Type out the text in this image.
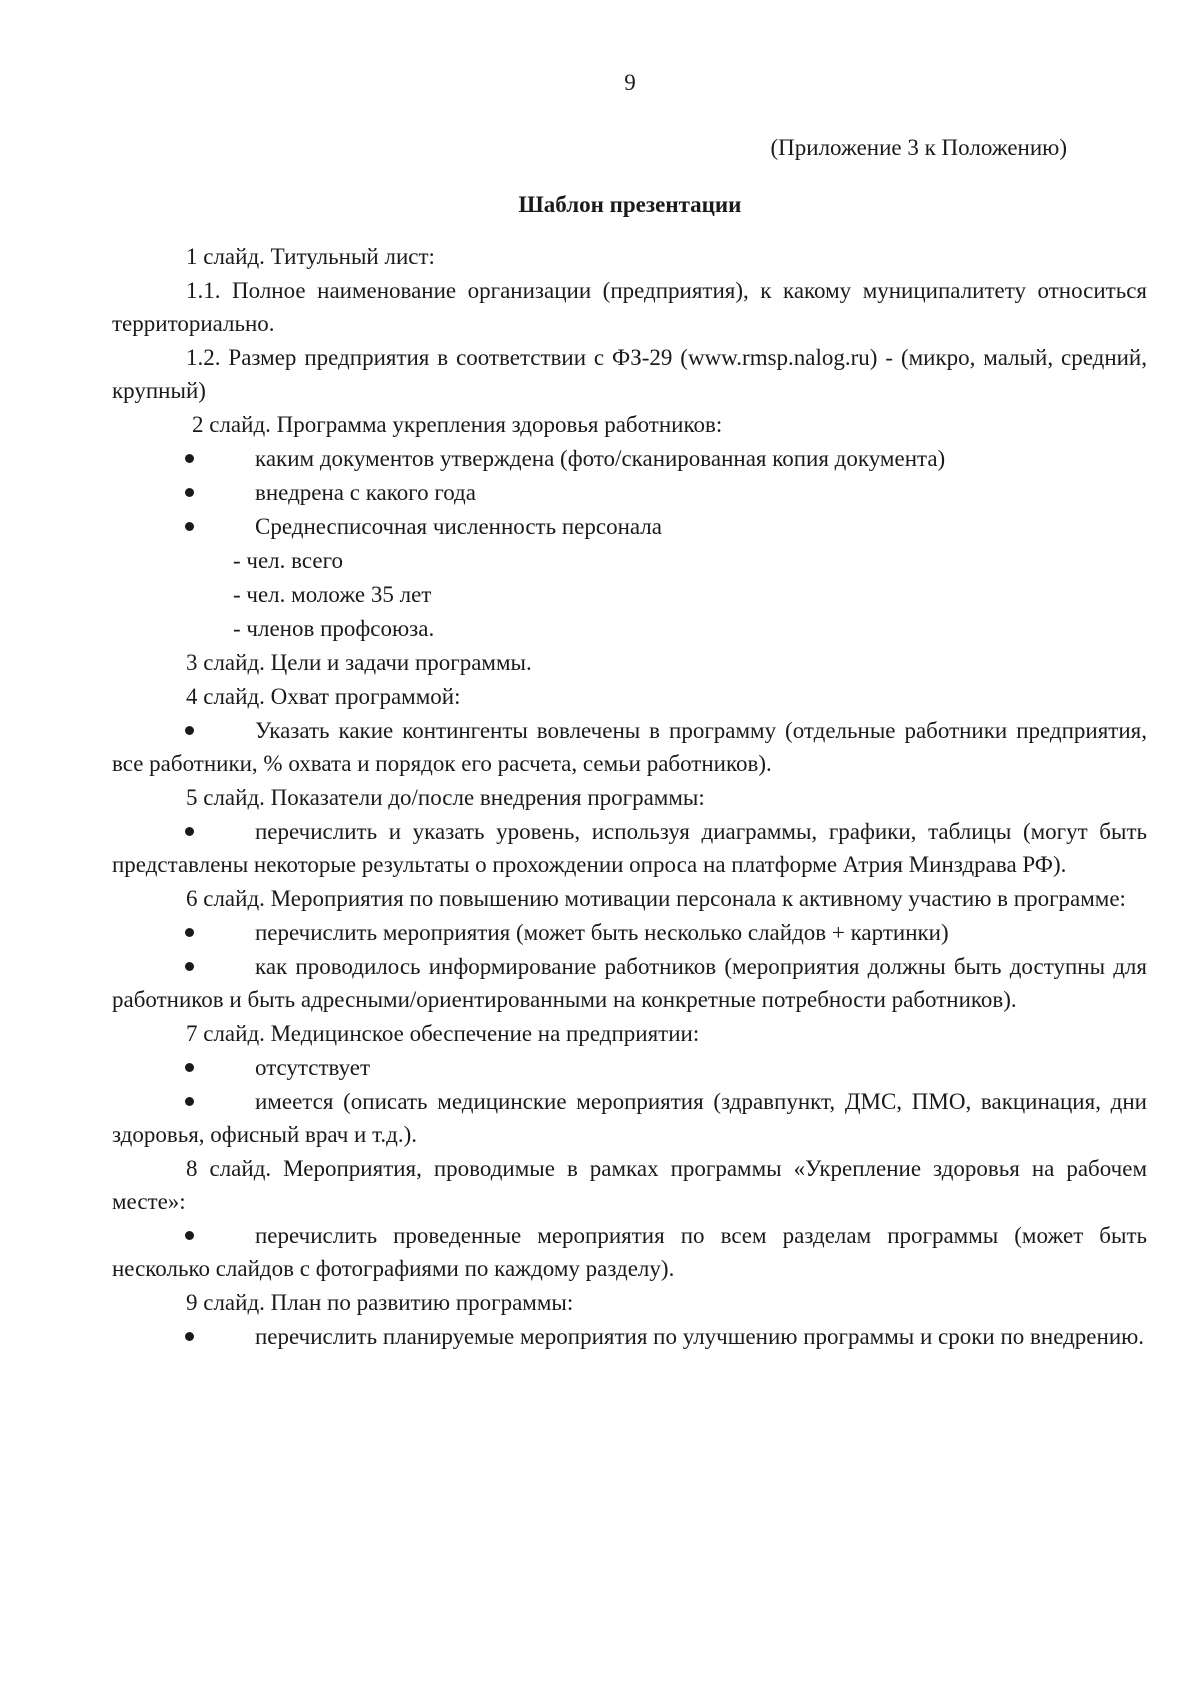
9
(Приложение 3 к Положению)
Шаблон презентации

1 слайд. Титульный лист:

1.1. Полное наименование организации (предприятия), к какому муниципалитету относиться территориально.

1.2. Размер предприятия в соответствии с ФЗ-29 (www.rmsp.nalog.ru) - (микро, малый, средний, крупный)

2 слайд. Программа укрепления здоровья работников:

каким документов утверждена (фото/сканированная копия документа)
внедрена с какого года
Среднесписочная численность персонала

- чел. всего

- чел. моложе 35 лет

- членов профсоюза.

3 слайд. Цели и задачи программы.

4 слайд. Охват программой:

Указать какие контингенты вовлечены в программу (отдельные работники предприятия, все работники, % охвата и порядок его расчета, семьи работников).

5 слайд. Показатели до/после внедрения программы:

перечислить и указать уровень, используя диаграммы, графики, таблицы (могут быть представлены некоторые результаты о прохождении опроса на платформе Атрия Минздрава РФ).

6 слайд. Мероприятия по повышению мотивации персонала к активному участию в программе:

перечислить мероприятия (может быть несколько слайдов + картинки)
как проводилось информирование работников (мероприятия должны быть доступны для работников и быть адресными/ориентированными на конкретные потребности работников).

7 слайд. Медицинское обеспечение на предприятии:

отсутствует
имеется (описать медицинские мероприятия (здравпункт, ДМС, ПМО, вакцинация, дни здоровья, офисный врач и т.д.).

8 слайд. Мероприятия, проводимые в рамках программы «Укрепление здоровья на рабочем месте»:

перечислить проведенные мероприятия по всем разделам программы (может быть несколько слайдов с фотографиями по каждому разделу).

9 слайд. План по развитию программы:

перечислить планируемые мероприятия по улучшению программы и сроки по внедрению.
